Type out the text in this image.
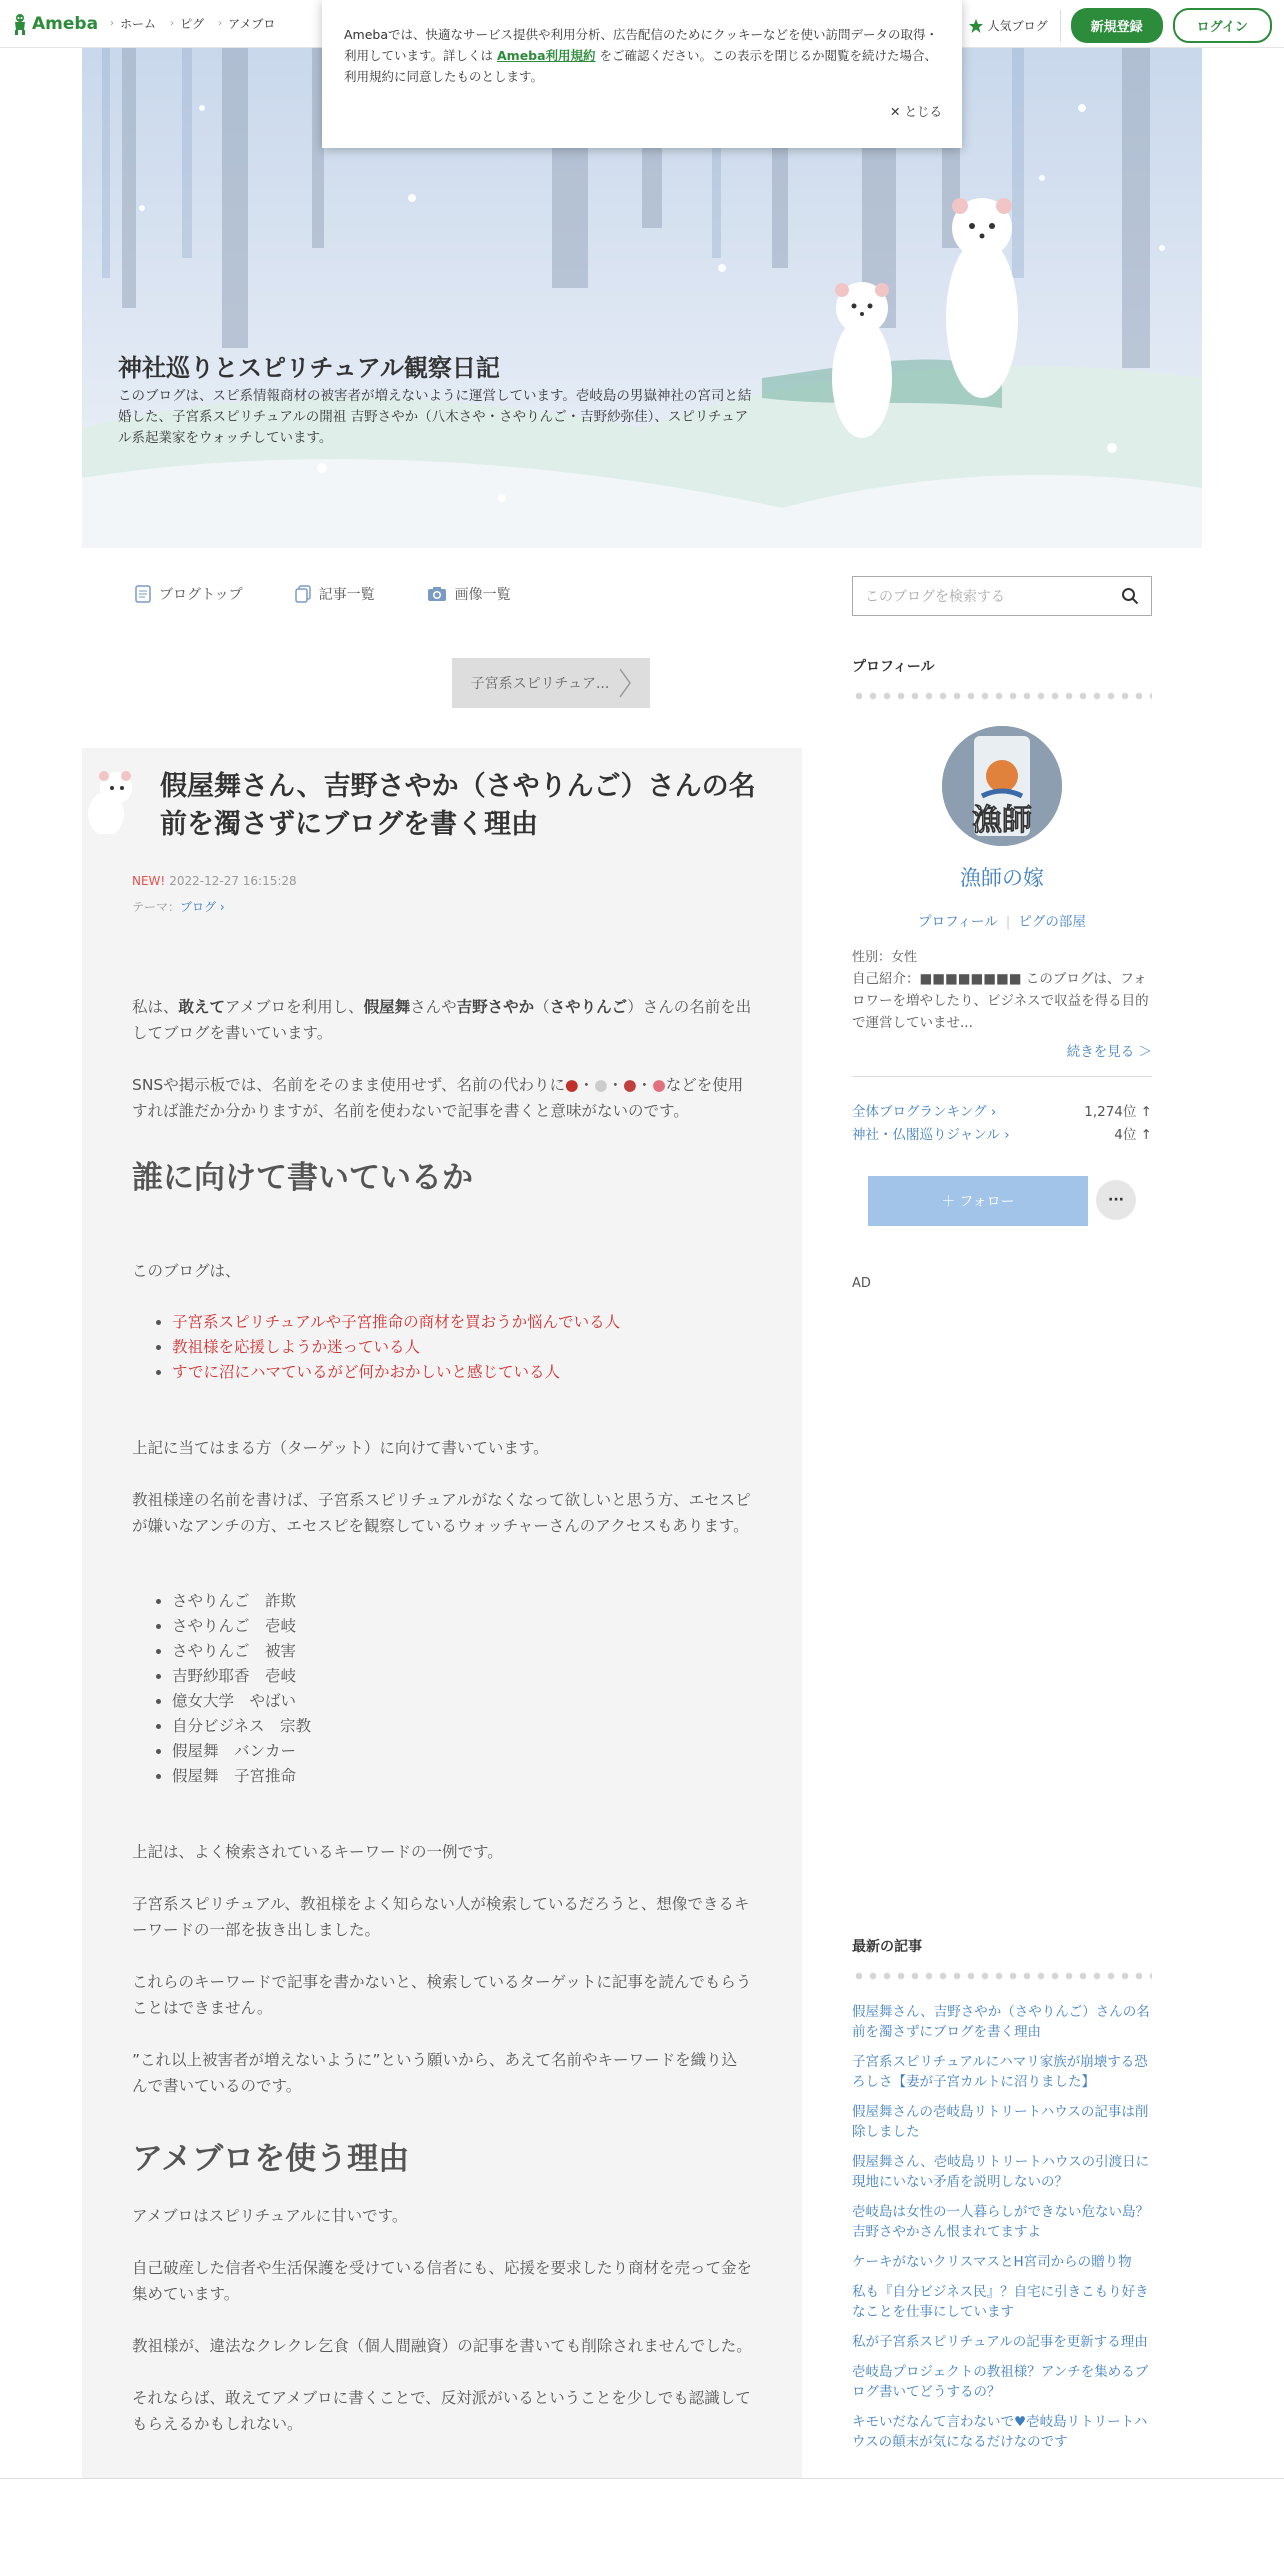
Ameba › ホーム › ピグ › アメブロ	人気ブログ	新規登録	ログイン
Amebaでは、快適なサービス提供や利用分析、広告配信のためにクッキーなどを使い訪問データの取得・利用しています。詳しくは Ameba利用規約 をご確認ください。この表示を閉じるか閲覧を続けた場合、利用規約に同意したものとします。
✕ とじる
神社巡りとスピリチュアル観察日記
このブログは、スピ系情報商材の被害者が増えないように運営しています。壱岐島の男嶽神社の宮司と結婚した、子宮系スピリチュアルの開祖 吉野さやか（八木さや・さやりんご・吉野紗弥佳）、スピリチュアル系起業家をウォッチしています。
ブログトップ	記事一覧	画像一覧	このブログを検索する
子宮系スピリチュア...
假屋舞さん、吉野さやか（さやりんご）さんの名前を濁さずにブログを書く理由
NEW! 2022-12-27 16:15:28
テーマ：ブログ ›

私は、敢えてアメブロを利用し、假屋舞さんや吉野さやか（さやりんご）さんの名前を出してブログを書いています。

SNSや掲示板では、名前をそのまま使用せず、名前の代わりに●・●・●・●などを使用すれば誰だか分かりますが、名前を使わないで記事を書くと意味がないのです。

誰に向けて書いているか

このブログは、

• 子宮系スピリチュアルや子宮推命の商材を買おうか悩んでいる人
• 教祖様を応援しようか迷っている人
• すでに沼にハマているがど何かおかしいと感じている人

上記に当てはまる方（ターゲット）に向けて書いています。

教祖様達の名前を書けば、子宮系スピリチュアルがなくなって欲しいと思う方、エセスピが嫌いなアンチの方、エセスピを観察しているウォッチャーさんのアクセスもあります。

• さやりんご　詐欺
• さやりんご　壱岐
• さやりんご　被害
• 吉野紗耶香　壱岐
• 億女大学　やばい
• 自分ビジネス　宗教
• 假屋舞　バンカー
• 假屋舞　子宮推命

上記は、よく検索されているキーワードの一例です。

子宮系スピリチュアル、教祖様をよく知らない人が検索しているだろうと、想像できるキーワードの一部を抜き出しました。

これらのキーワードで記事を書かないと、検索しているターゲットに記事を読んでもらうことはできません。

”これ以上被害者が増えないように”という願いから、あえて名前やキーワードを織り込んで書いているのです。

アメブロを使う理由

アメブロはスピリチュアルに甘いです。

自己破産した信者や生活保護を受けている信者にも、応援を要求したり商材を売って金を集めています。

教祖様が、違法なクレクレ乞食（個人間融資）の記事を書いても削除されませんでした。

それならば、敢えてアメブロに書くことで、反対派がいるということを少しでも認識してもらえるかもしれない。

プロフィール
漁師
漁師の嫁
プロフィール | ピグの部屋
性別：女性
自己紹介：■■■■■■■■ このブログは、フォロワーを増やしたり、ビジネスで収益を得る目的で運営していませ...
続きを見る ＞
全体ブログランキング ›	1,274位 ↑
神社・仏閣巡りジャンル ›	4位 ↑
＋ フォロー	···
AD
最新の記事
假屋舞さん、吉野さやか（さやりんご）さんの名前を濁さずにブログを書く理由
子宮系スピリチュアルにハマリ家族が崩壊する恐ろしさ【妻が子宮カルトに沼りました】
假屋舞さんの壱岐島リトリートハウスの記事は削除しました
假屋舞さん、壱岐島リトリートハウスの引渡日に現地にいない矛盾を説明しないの？
壱岐島は女性の一人暮らしができない危ない島？吉野さやかさん恨まれてますよ
ケーキがないクリスマスとH宮司からの贈り物
私も『自分ビジネス民』？自宅に引きこもり好きなことを仕事にしています
私が子宮系スピリチュアルの記事を更新する理由
壱岐島プロジェクトの教祖様？アンチを集めるブログ書いてどうするの？
キモいだなんて言わないで♥壱岐島リトリートハウスの顛末が気になるだけなのです
